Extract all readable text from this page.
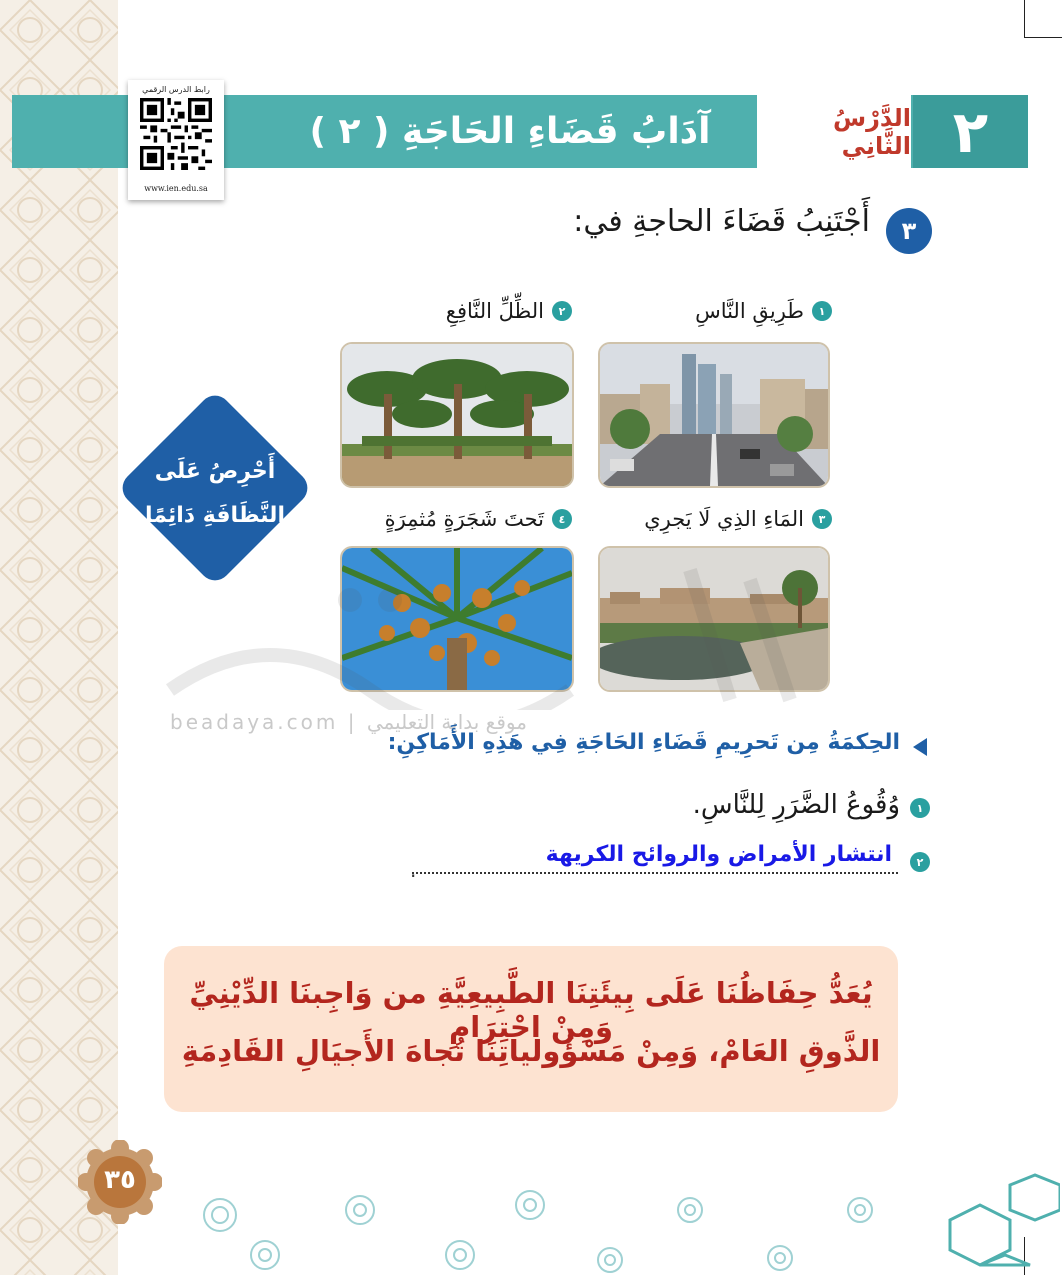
٢
الدَّرْسُ الثَّانِي
آدَابُ قَضَاءِ الحَاجَةِ ( ٢ )
رابط الدرس الرقمي
www.ien.edu.sa
٣
أَجْتَنِبُ قَضَاءَ الحاجةِ في:
١
طَرِيقِ النَّاسِ
٢
الظِّلِّ النَّافِعِ
٣
المَاءِ الذِي لَا يَجرِي
٤
تَحتَ شَجَرَةٍ مُثمِرَةٍ
أَحْرِصُ عَلَى النَّظَافَةِ دَائِمًا
beadaya.com | موقع بداية التعليمي
الحِكمَةُ مِن تَحرِيمِ قَضَاءِ الحَاجَةِ فِي هَذِهِ الأَمَاكِنِ:
١
وُقُوعُ الضَّرَرِ لِلنَّاسِ.
٢
انتشار الأمراض والروائح الكريهة
.
يُعَدُّ حِفَاظُنَا عَلَى بِيئَتِنَا الطَّبِيعِيَّةِ من وَاجِبنَا الدِّيْنِيِّ وَمِنْ احْتِرَامِ
الذَّوقِ العَامْ، وَمِنْ مَسْؤُولياتِنَا تُجاهَ الأَجيَالِ القَادِمَةِ
٣٥
